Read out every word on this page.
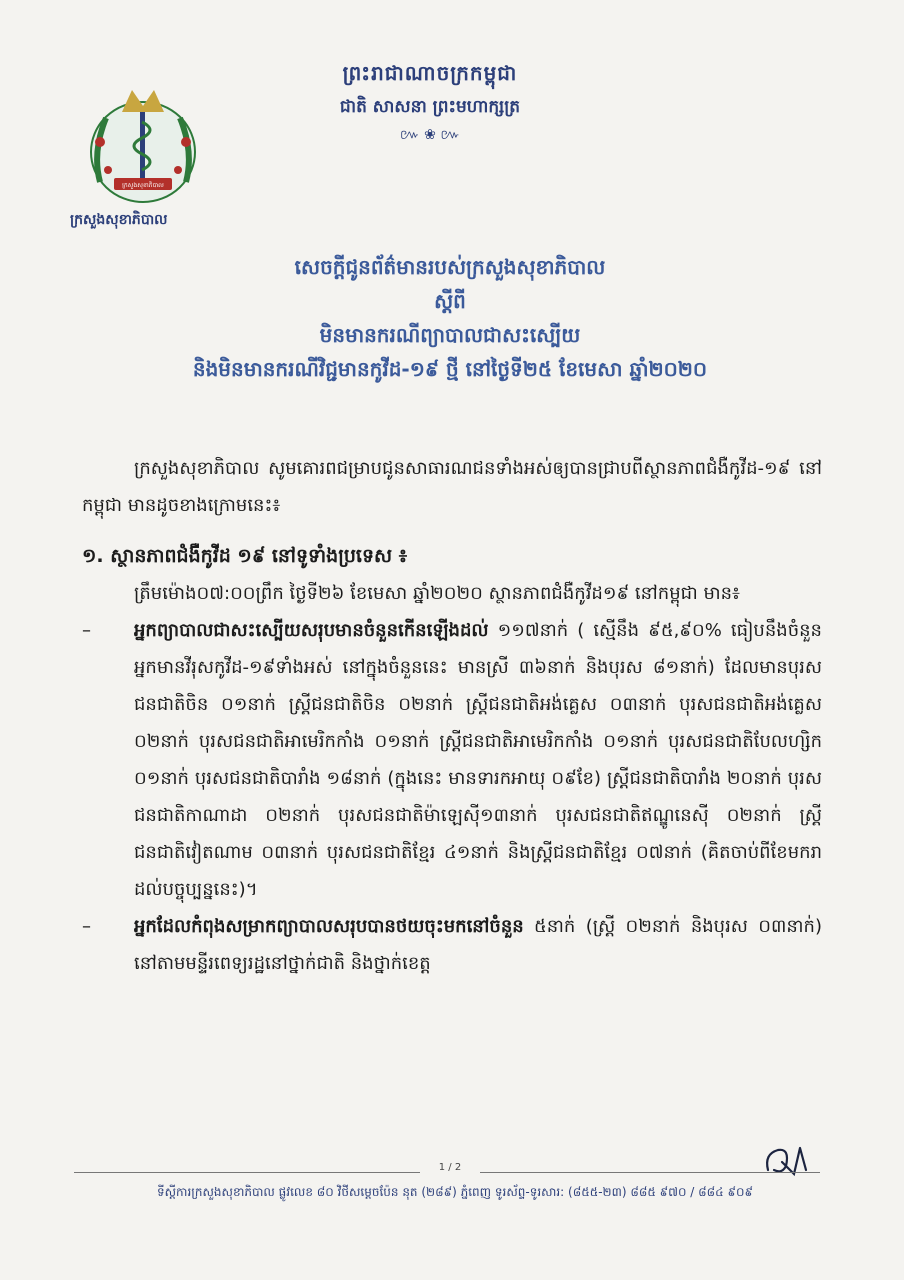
ក្រសួងសុខាភិបាល
ក្រសួងសុខាភិបាល
ព្រះរាជាណាចក្រកម្ពុជា
ជាតិ សាសនា ព្រះមហាក្សត្រ
៚ ❀ ៚
សេចក្តីជូនព័ត៌មានរបស់ក្រសួងសុខាភិបាល
ស្តីពី
មិនមានករណីព្យាបាលជាសះស្បើយ
និងមិនមានករណីវិជ្ជមានកូវីដ-១៩ ថ្មី នៅថ្ងៃទី២៥ ខែមេសា ឆ្នាំ២០២០

ក្រសួងសុខាភិបាល សូមគោរពជម្រាបជូនសាធារណជនទាំងអស់ឲ្យបានជ្រាបពីស្ថានភាពជំងឺកូវីដ-១៩ នៅកម្ពុជា មានដូចខាងក្រោមនេះ៖

១. ស្ថានភាពជំងឺកូវីដ ១៩ នៅទូទាំងប្រទេស ៖

ត្រឹមម៉ោង០៧:០០ព្រឹក ថ្ងៃទី២៦ ខែមេសា ឆ្នាំ២០២០ ស្ថានភាពជំងឺកូវីដ១៩ នៅកម្ពុជា មាន៖

–	អ្នកព្យាបាលជាសះស្បើយសរុបមានចំនួនកើនឡើងដល់ ១១៧នាក់ ( ស្មើនឹង ៩៥,៩០% ធៀបនឹងចំនួនអ្នកមានវីរុសកូវីដ-១៩ទាំងអស់ នៅក្នុងចំនួននេះ មានស្រី ៣៦នាក់ និងបុរស ៨១នាក់) ដែលមានបុរសជនជាតិចិន ០១នាក់ ស្ត្រីជនជាតិចិន ០២នាក់ ស្ត្រីជនជាតិអង់គ្លេស ០៣នាក់ បុរសជនជាតិអង់គ្លេស ០២នាក់ បុរសជនជាតិអាមេរិកកាំង ០១នាក់ ស្ត្រីជនជាតិអាមេរិកកាំង ០១នាក់ បុរសជនជាតិបែលហ្សិក ០១នាក់ បុរសជនជាតិបារាំង ១៨នាក់ (ក្នុងនេះ មានទារកអាយុ ០៩ខែ) ស្ត្រីជនជាតិបារាំង ២០នាក់ បុរសជនជាតិកាណាដា ០២នាក់ បុរសជនជាតិម៉ាឡេស៊ី១៣នាក់ បុរសជនជាតិឥណ្ឌូនេស៊ី ០២នាក់ ស្ត្រីជនជាតិវៀតណាម ០៣នាក់ បុរសជនជាតិខ្មែរ ៤១នាក់ និងស្ត្រីជនជាតិខ្មែរ ០៧នាក់ (គិតចាប់ពីខែមករាដល់បច្ចុប្បន្ននេះ)។

–	អ្នកដែលកំពុងសម្រាកព្យាបាលសរុបបានថយចុះមកនៅចំនួន ៥នាក់ (ស្ត្រី ០២នាក់ និងបុរស ០៣នាក់) នៅតាមមន្ទីរពេទ្យរដ្ឋនៅថ្នាក់ជាតិ និងថ្នាក់ខេត្ត

1 / 2
ទីស្តីការក្រសួងសុខាភិបាល ផ្លូវលេខ ៨០ វិថីសម្តេចប៉ែន នុត (២៨៩) ភ្នំពេញ ទូរស័ព្ទ-ទូរសារ: (៨៥៥-២៣) ៨៨៥ ៩៧០ / ៨៨៤ ៩០៩
